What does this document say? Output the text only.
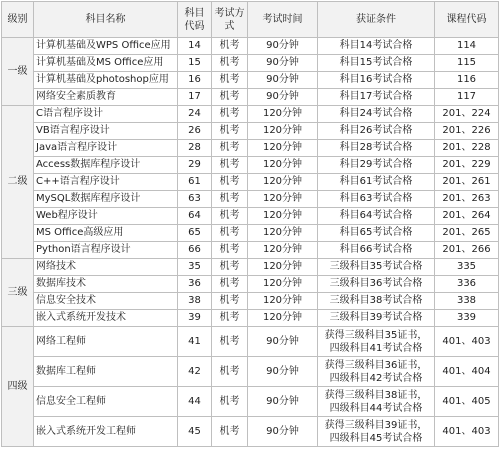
级别	科目名称	科目代码	考试方式	考试时间	获证条件	课程代码
一级	计算机基础及WPS Office应用	14	机考	90分钟	科目14考试合格	114
	计算机基础及MS Office应用	15	机考	90分钟	科目15考试合格	115
	计算机基础及photoshop应用	16	机考	90分钟	科目16考试合格	116
	网络安全素质教育	17	机考	90分钟	科目17考试合格	117
二级	C语言程序设计	24	机考	120分钟	科目24考试合格	201、224
	VB语言程序设计	26	机考	120分钟	科目26考试合格	201、226
	Java语言程序设计	28	机考	120分钟	科目28考试合格	201、228
	Access数据库程序设计	29	机考	120分钟	科目29考试合格	201、229
	C++语言程序设计	61	机考	120分钟	科目61考试合格	201、261
	MySQL数据库程序设计	63	机考	120分钟	科目63考试合格	201、263
	Web程序设计	64	机考	120分钟	科目64考试合格	201、264
	MS Office高级应用	65	机考	120分钟	科目65考试合格	201、265
	Python语言程序设计	66	机考	120分钟	科目66考试合格	201、266
三级	网络技术	35	机考	120分钟	三级科目35考试合格	335
	数据库技术	36	机考	120分钟	三级科目36考试合格	336
	信息安全技术	38	机考	120分钟	三级科目38考试合格	338
	嵌入式系统开发技术	39	机考	120分钟	三级科目39考试合格	339
四级	网络工程师	41	机考	90分钟	获得三级科目35证书，四级科目41考试合格	401、403
	数据库工程师	42	机考	90分钟	获得三级科目36证书，四级科目42考试合格	401、404
	信息安全工程师	44	机考	90分钟	获得三级科目38证书，四级科目44考试合格	401、405
	嵌入式系统开发工程师	45	机考	90分钟	获得三级科目39证书，四级科目45考试合格	401、403
